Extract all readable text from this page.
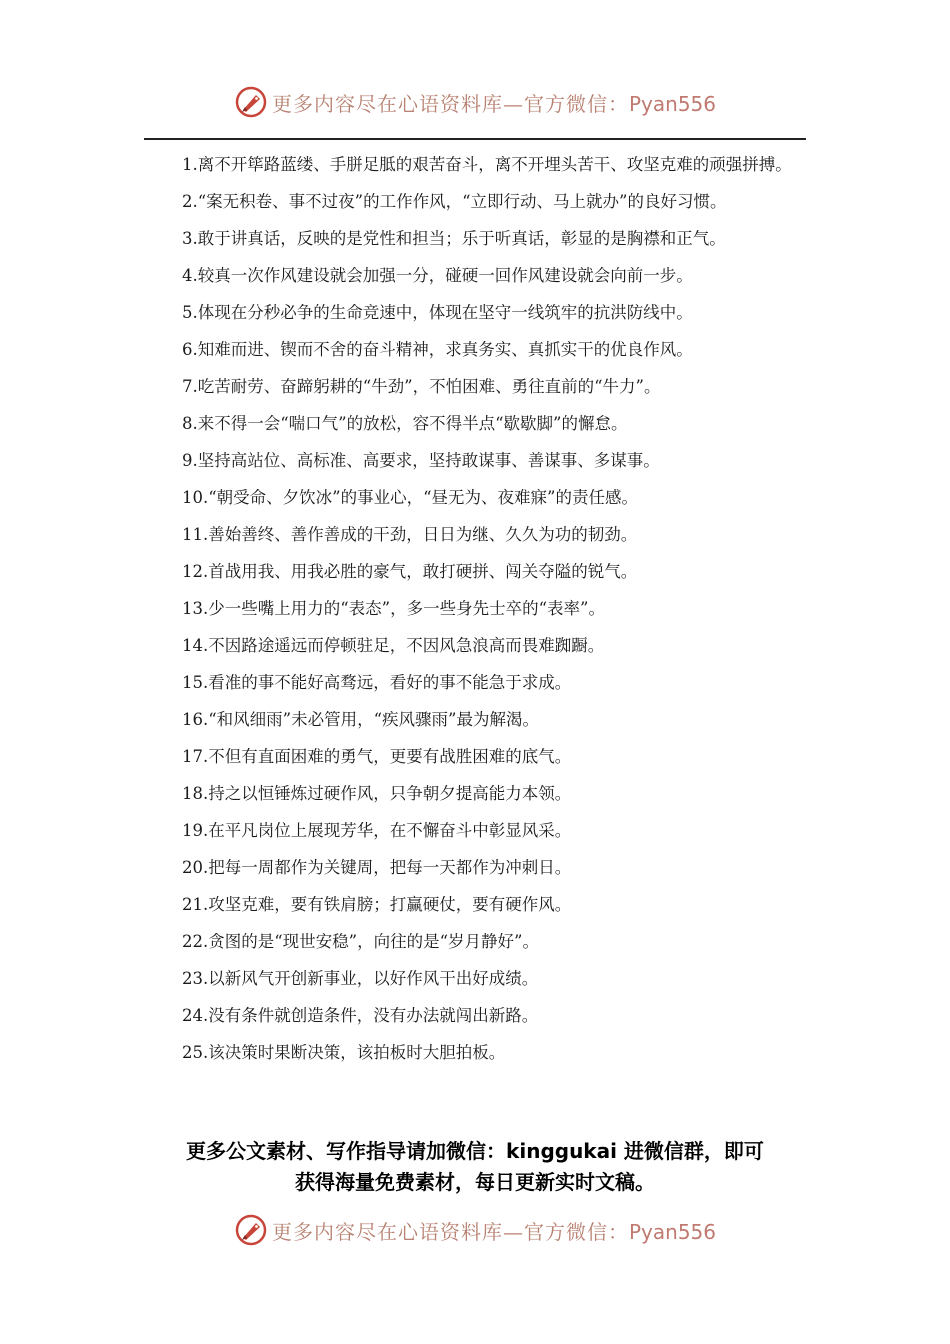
更多内容尽在心语资料库—官方微信：Pyan556
1.离不开筚路蓝缕、手胼足胝的艰苦奋斗，离不开埋头苦干、攻坚克难的顽强拼搏。
2.“案无积卷、事不过夜”的工作作风，“立即行动、马上就办”的良好习惯。
3.敢于讲真话，反映的是党性和担当；乐于听真话，彰显的是胸襟和正气。
4.较真一次作风建设就会加强一分，碰硬一回作风建设就会向前一步。
5.体现在分秒必争的生命竞速中，体现在坚守一线筑牢的抗洪防线中。
6.知难而进、锲而不舍的奋斗精神，求真务实、真抓实干的优良作风。
7.吃苦耐劳、奋蹄躬耕的“牛劲”，不怕困难、勇往直前的“牛力”。
8.来不得一会“喘口气”的放松，容不得半点“歇歇脚”的懈怠。
9.坚持高站位、高标准、高要求，坚持敢谋事、善谋事、多谋事。
10.“朝受命、夕饮冰”的事业心，“昼无为、夜难寐”的责任感。
11.善始善终、善作善成的干劲，日日为继、久久为功的韧劲。
12.首战用我、用我必胜的豪气，敢打硬拼、闯关夺隘的锐气。
13.少一些嘴上用力的“表态”，多一些身先士卒的“表率”。
14.不因路途遥远而停顿驻足，不因风急浪高而畏难踟蹰。
15.看准的事不能好高骛远，看好的事不能急于求成。
16.“和风细雨”未必管用，“疾风骤雨”最为解渴。
17.不但有直面困难的勇气，更要有战胜困难的底气。
18.持之以恒锤炼过硬作风，只争朝夕提高能力本领。
19.在平凡岗位上展现芳华，在不懈奋斗中彰显风采。
20.把每一周都作为关键周，把每一天都作为冲刺日。
21.攻坚克难，要有铁肩膀；打赢硬仗，要有硬作风。
22.贪图的是“现世安稳”，向往的是“岁月静好”。
23.以新风气开创新事业，以好作风干出好成绩。
24.没有条件就创造条件，没有办法就闯出新路。
25.该决策时果断决策，该拍板时大胆拍板。
更多公文素材、写作指导请加微信：kinggukai 进微信群，即可
获得海量免费素材，每日更新实时文稿。
更多内容尽在心语资料库—官方微信：Pyan556
